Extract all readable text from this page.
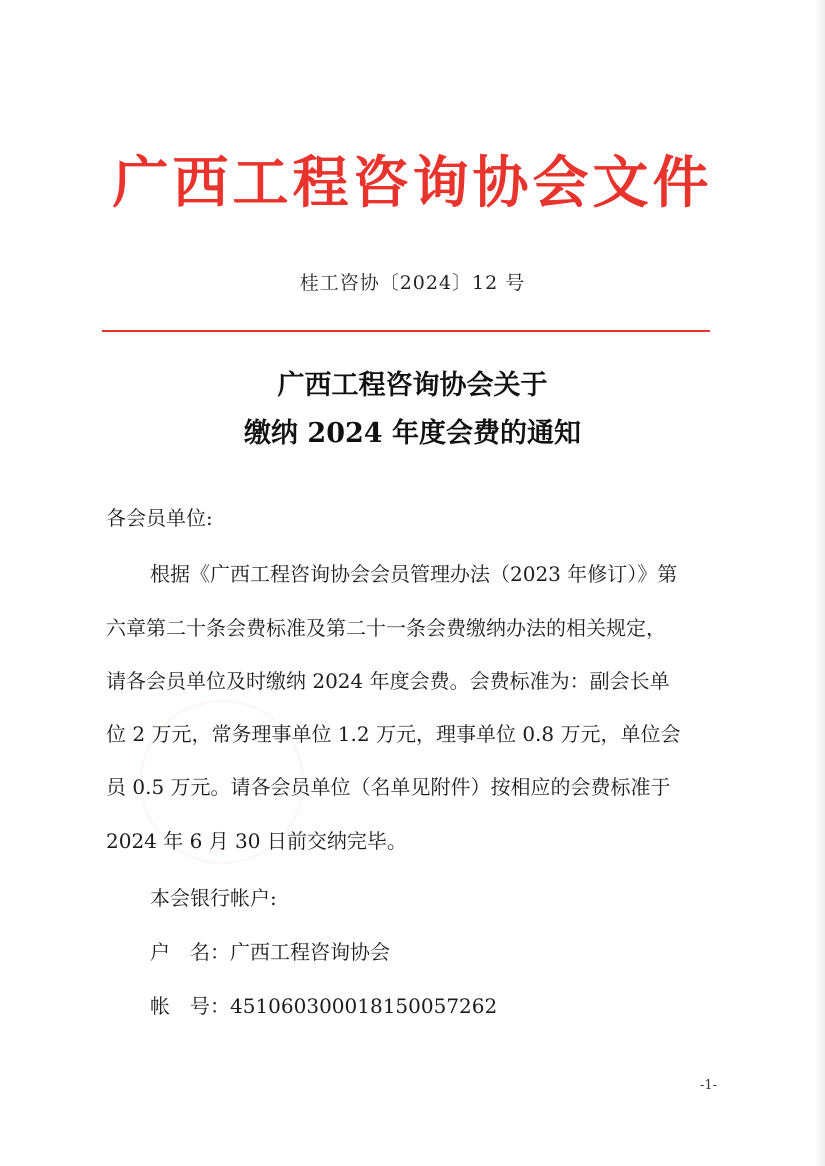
广西工程咨询协会文件
桂工咨协〔2024〕12 号
广西工程咨询协会关于
缴纳 2024 年度会费的通知
各会员单位:
根据《广西工程咨询协会会员管理办法（2023 年修订）》第
六章第二十条会费标准及第二十一条会费缴纳办法的相关规定，
请各会员单位及时缴纳 2024 年度会费。会费标准为：副会长单
位 2 万元，常务理事单位 1.2 万元，理事单位 0.8 万元，单位会
员 0.5 万元。请各会员单位（名单见附件）按相应的会费标准于
2024 年 6 月 30 日前交纳完毕。
本会银行帐户:
户　名：广西工程咨询协会
帐　号：451060300018150057262
-1-
